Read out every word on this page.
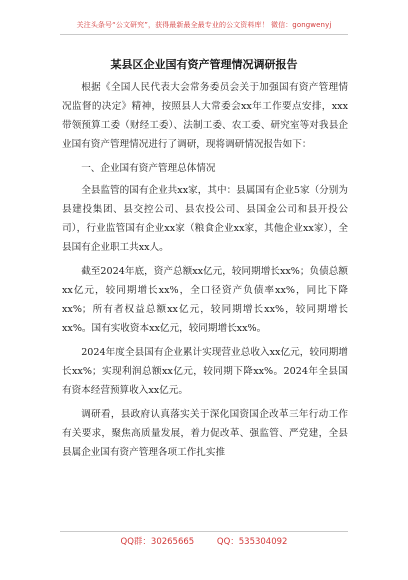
关注头条号“公文研究”，获得最新最全最专业的公文资料库！ 微信：gongwenyj
某县区企业国有资产管理情况调研报告

根据《全国人民代表大会常务委员会关于加强国有资产管理情况监督的决定》精神，按照县人大常委会xx年工作要点安排，xxx带领预算工委（财经工委）、法制工委、农工委、研究室等对我县企业国有资产管理情况进行了调研，现将调研情况报告如下：

一、企业国有资产管理总体情况

全县监管的国有企业共xx家，其中：县属国有企业5家（分别为县建投集团、县交控公司、县农投公司、县国金公司和县开投公司），行业监管国有企业xx家（粮食企业xx家，其他企业xx家），全县国有企业职工共xx人。

截至2024年底，资产总额xx亿元，较同期增长xx%；负债总额xx亿元，较同期增长xx%，全口径资产负债率xx%，同比下降xx%；所有者权益总额xx亿元，较同期增长xx%，较同期增长xx%。国有实收资本xx亿元，较同期增长xx%。

2024年度全县国有企业累计实现营业总收入xx亿元，较同期增长xx%；实现利润总额xx亿元，较同期下降xx%。2024年全县国有资本经营预算收入xx亿元。

调研看，县政府认真落实关于深化国资国企改革三年行动工作有关要求，聚焦高质量发展，着力促改革、强监管、严党建，全县县属企业国有资产管理各项工作扎实推

QQ群：30265665	QQ：535304092
